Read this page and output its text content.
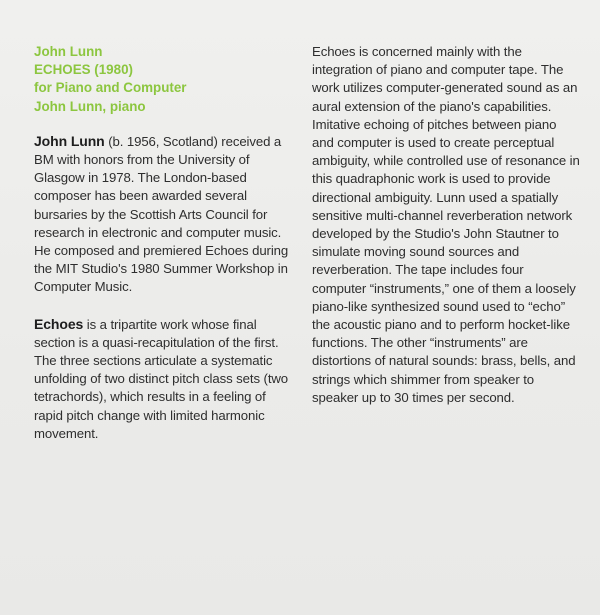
John Lunn
ECHOES (1980)
for Piano and Computer
John Lunn, piano

John Lunn (b. 1956, Scotland) received a BM with honors from the University of Glasgow in 1978. The London-based composer has been awarded several bursaries by the Scottish Arts Council for research in electronic and computer music. He composed and premiered Echoes during the MIT Studio's 1980 Summer Workshop in Computer Music.

Echoes is a tripartite work whose final section is a quasi-recapitulation of the first. The three sections articulate a systematic unfolding of two distinct pitch class sets (two tetrachords), which results in a feeling of rapid pitch change with limited harmonic movement.

Echoes is concerned mainly with the integration of piano and computer tape. The work utilizes computer-generated sound as an aural extension of the piano's capabilities. Imitative echoing of pitches between piano and computer is used to create perceptual ambiguity, while controlled use of resonance in this quadraphonic work is used to provide directional ambiguity. Lunn used a spatially sensitive multi-channel reverberation network developed by the Studio's John Stautner to simulate moving sound sources and reverberation. The tape includes four computer “instruments,” one of them a loosely piano-like synthesized sound used to “echo” the acoustic piano and to perform hocket-like functions. The other “instruments” are distortions of natural sounds: brass, bells, and strings which shimmer from speaker to speaker up to 30 times per second.
